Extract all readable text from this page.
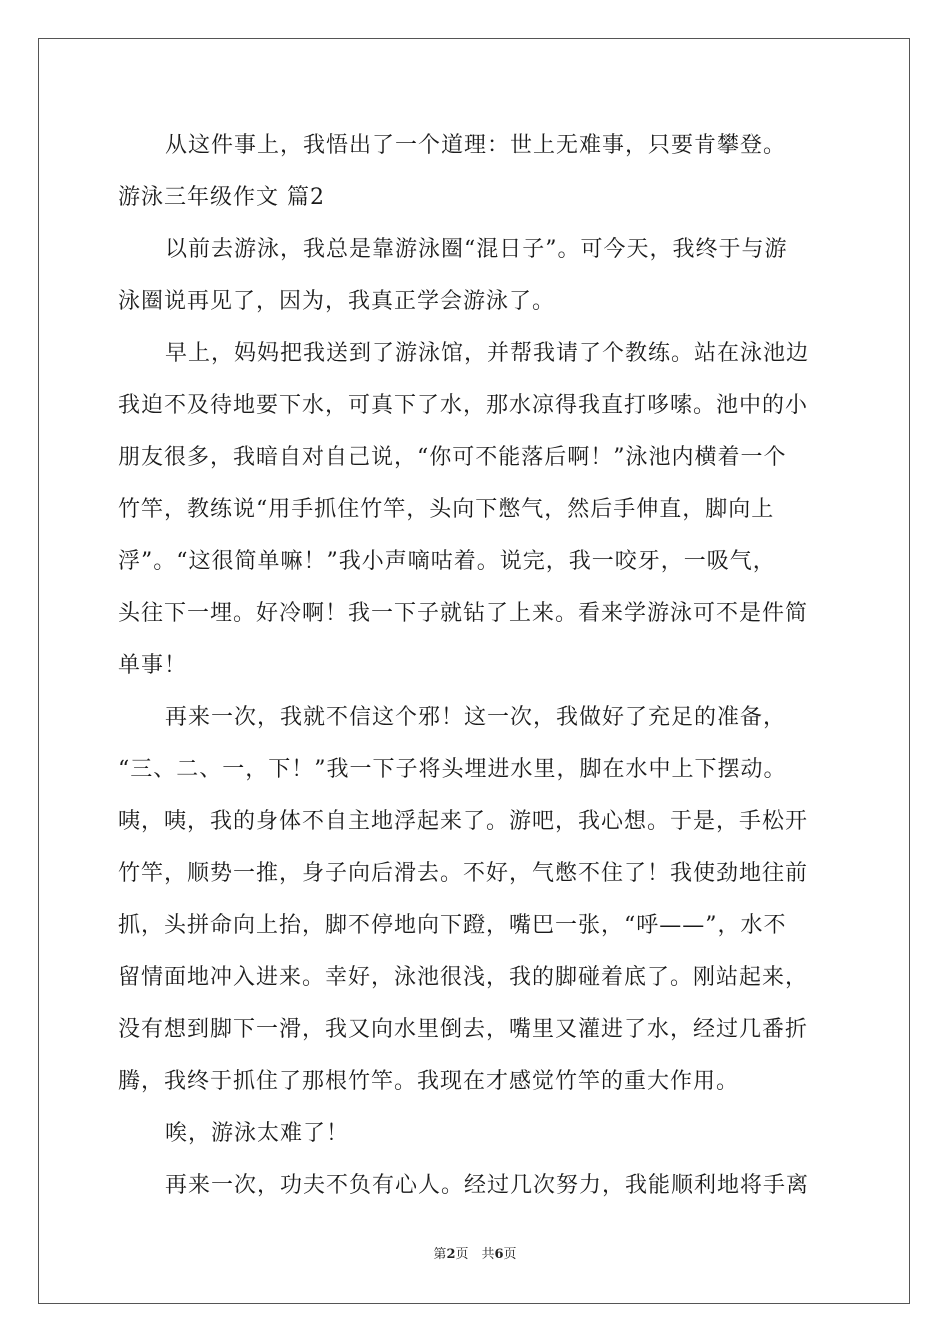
从这件事上，我悟出了一个道理：世上无难事，只要肯攀登。
游泳三年级作文 篇2
以前去游泳，我总是靠游泳圈“混日子”。可今天，我终于与游
泳圈说再见了，因为，我真正学会游泳了。
早上，妈妈把我送到了游泳馆，并帮我请了个教练。站在泳池边
我迫不及待地要下水，可真下了水，那水凉得我直打哆嗦。池中的小
朋友很多，我暗自对自己说，“你可不能落后啊！”泳池内横着一个
竹竿，教练说“用手抓住竹竿，头向下憋气，然后手伸直，脚向上
浮”。“这很简单嘛！”我小声嘀咕着。说完，我一咬牙，一吸气，
头往下一埋。好冷啊！我一下子就钻了上来。看来学游泳可不是件简
单事！
再来一次，我就不信这个邪！这一次，我做好了充足的准备，
“三、二、一，下！”我一下子将头埋进水里，脚在水中上下摆动。
咦，咦，我的身体不自主地浮起来了。游吧，我心想。于是，手松开
竹竿，顺势一推，身子向后滑去。不好，气憋不住了！我使劲地往前
抓，头拼命向上抬，脚不停地向下蹬，嘴巴一张，“呼——”，水不
留情面地冲入进来。幸好，泳池很浅，我的脚碰着底了。刚站起来，
没有想到脚下一滑，我又向水里倒去，嘴里又灌进了水，经过几番折
腾，我终于抓住了那根竹竿。我现在才感觉竹竿的重大作用。
唉，游泳太难了！
再来一次，功夫不负有心人。经过几次努力，我能顺利地将手离
第2页　共6页
